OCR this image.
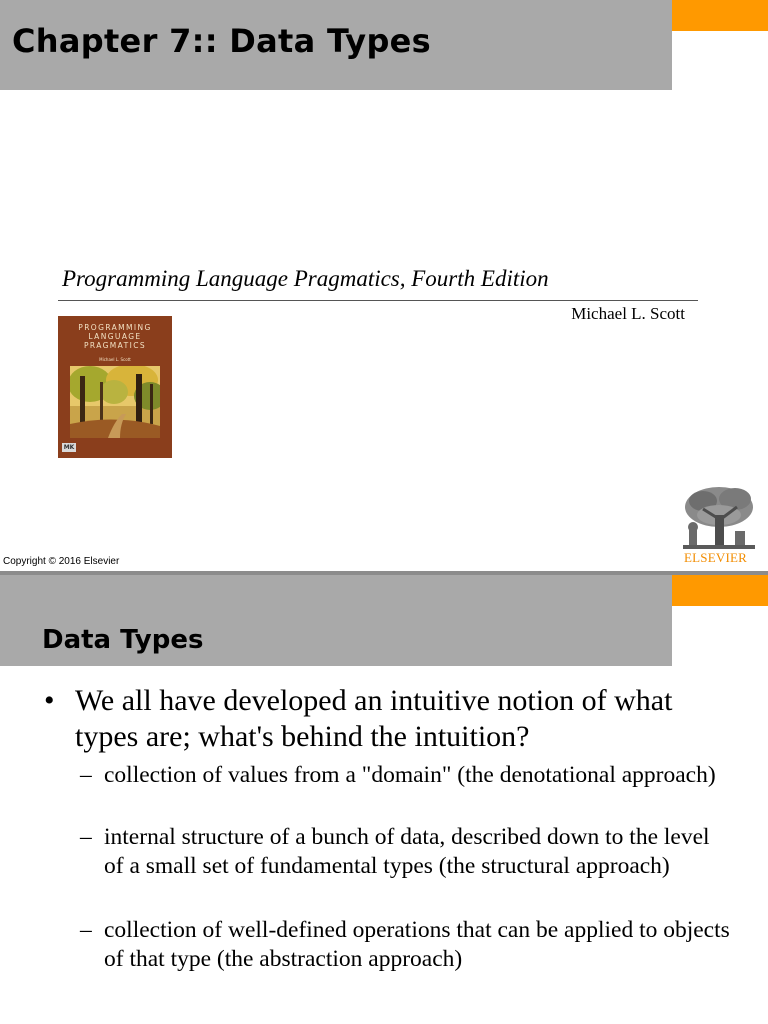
Chapter 7:: Data Types
Programming Language Pragmatics, Fourth Edition
Michael L. Scott
PROGRAMMING
LANGUAGE
PRAGMATICS
Michael L. Scott
MK
Copyright © 2016 Elsevier	ELSEVIER
Data Types
• We all have developed an intuitive notion of what types are; what's behind the intuition?
– collection of values from a "domain" (the denotational approach)
– internal structure of a bunch of data, described down to the level of a small set of fundamental types (the structural approach)
– collection of well-defined operations that can be applied to objects of that type (the abstraction approach)
